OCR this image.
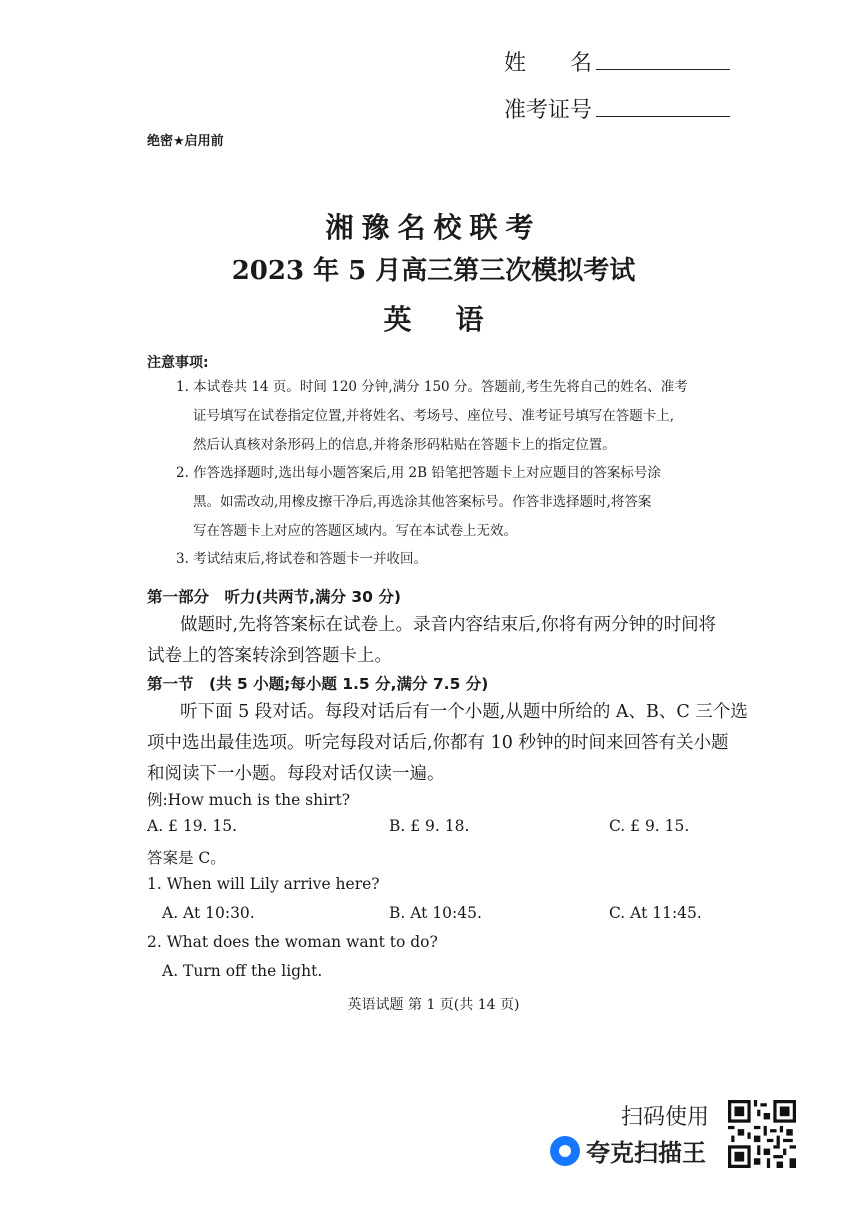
姓　　名
准考证号
绝密★启用前
湘豫名校联考
2023 年 5 月高三第三次模拟考试
英语
注意事项:
1. 本试卷共 14 页。时间 120 分钟,满分 150 分。答题前,考生先将自己的姓名、准考
证号填写在试卷指定位置,并将姓名、考场号、座位号、准考证号填写在答题卡上,
然后认真核对条形码上的信息,并将条形码粘贴在答题卡上的指定位置。
2. 作答选择题时,选出每小题答案后,用 2B 铅笔把答题卡上对应题目的答案标号涂
黑。如需改动,用橡皮擦干净后,再选涂其他答案标号。作答非选择题时,将答案
写在答题卡上对应的答题区域内。写在本试卷上无效。
3. 考试结束后,将试卷和答题卡一并收回。
第一部分　听力(共两节,满分 30 分)
做题时,先将答案标在试卷上。录音内容结束后,你将有两分钟的时间将
试卷上的答案转涂到答题卡上。
第一节　(共 5 小题;每小题 1.5 分,满分 7.5 分)
听下面 5 段对话。每段对话后有一个小题,从题中所给的 A、B、C 三个选
项中选出最佳选项。听完每段对话后,你都有 10 秒钟的时间来回答有关小题
和阅读下一小题。每段对话仅读一遍。
例:How much is the shirt?
A. £ 19. 15.	B. £ 9. 18.	C. £ 9. 15.
答案是 C。
1. When will Lily arrive here?
A. At 10:30.	B. At 10:45.	C. At 11:45.
2. What does the woman want to do?
A. Turn off the light.
英语试题 第 1 页(共 14 页)
扫码使用
夸克扫描王
